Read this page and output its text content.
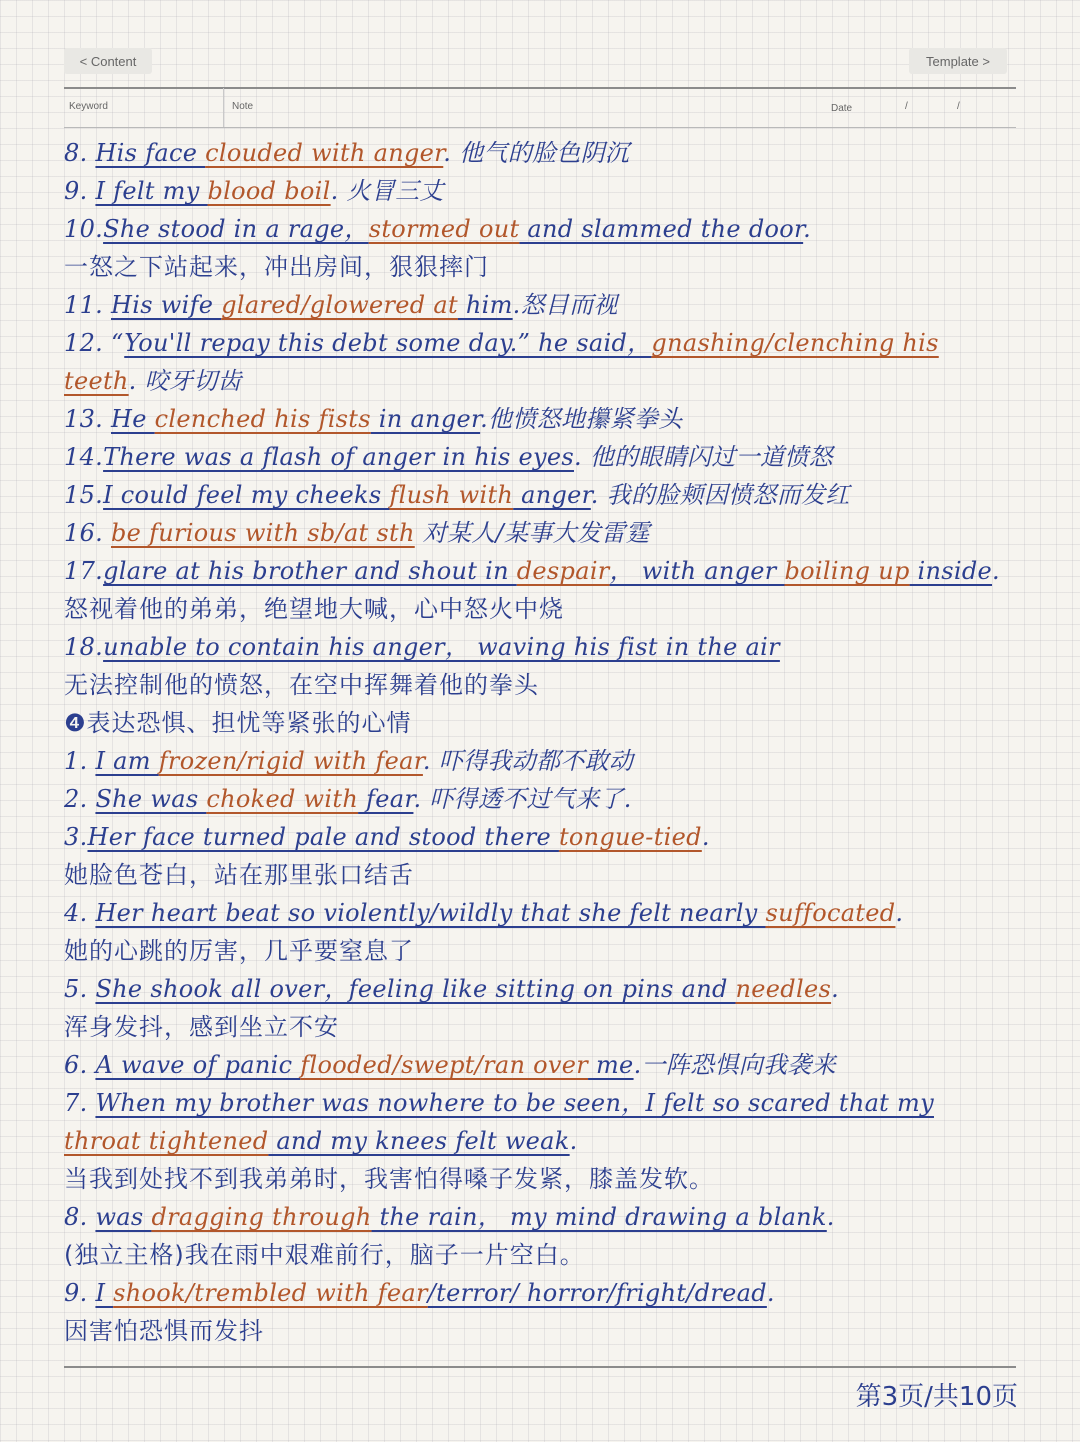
< Content	Template >
Keyword	Note	Date	/	/
8. His face clouded with anger. 他气的脸色阴沉
9. I felt my blood boil. 火冒三丈
10.She stood in a rage，stormed out and slammed the door.
一怒之下站起来，冲出房间，狠狠摔门
11. His wife glared/glowered at him.怒目而视
12. “You'll repay this debt some day.” he said，gnashing/clenching his
teeth. 咬牙切齿
13. He clenched his fists in anger.他愤怒地攥紧拳头
14.There was a flash of anger in his eyes. 他的眼睛闪过一道愤怒
15.I could feel my cheeks flush with anger. 我的脸颊因愤怒而发红
16. be furious with sb/at sth 对某人/某事大发雷霆
17.glare at his brother and shout in despair， with anger boiling up inside.
怒视着他的弟弟，绝望地大喊，心中怒火中烧
18.unable to contain his anger， waving his fist in the air
无法控制他的愤怒，在空中挥舞着他的拳头
❹表达恐惧、担忧等紧张的心情
1. I am frozen/rigid with fear. 吓得我动都不敢动
2. She was choked with fear. 吓得透不过气来了.
3.Her face turned pale and stood there tongue-tied.
她脸色苍白，站在那里张口结舌
4. Her heart beat so violently/wildly that she felt nearly suffocated.
她的心跳的厉害，几乎要窒息了
5. She shook all over，feeling like sitting on pins and needles.
浑身发抖，感到坐立不安
6. A wave of panic flooded/swept/ran over me.一阵恐惧向我袭来
7. When my brother was nowhere to be seen，I felt so scared that my
throat tightened and my knees felt weak.
当我到处找不到我弟弟时，我害怕得嗓子发紧，膝盖发软。
8. was dragging through the rain， my mind drawing a blank.
(独立主格)我在雨中艰难前行，脑子一片空白。
9. I shook/trembled with fear/terror/ horror/fright/dread.
因害怕恐惧而发抖
第3页/共10页
